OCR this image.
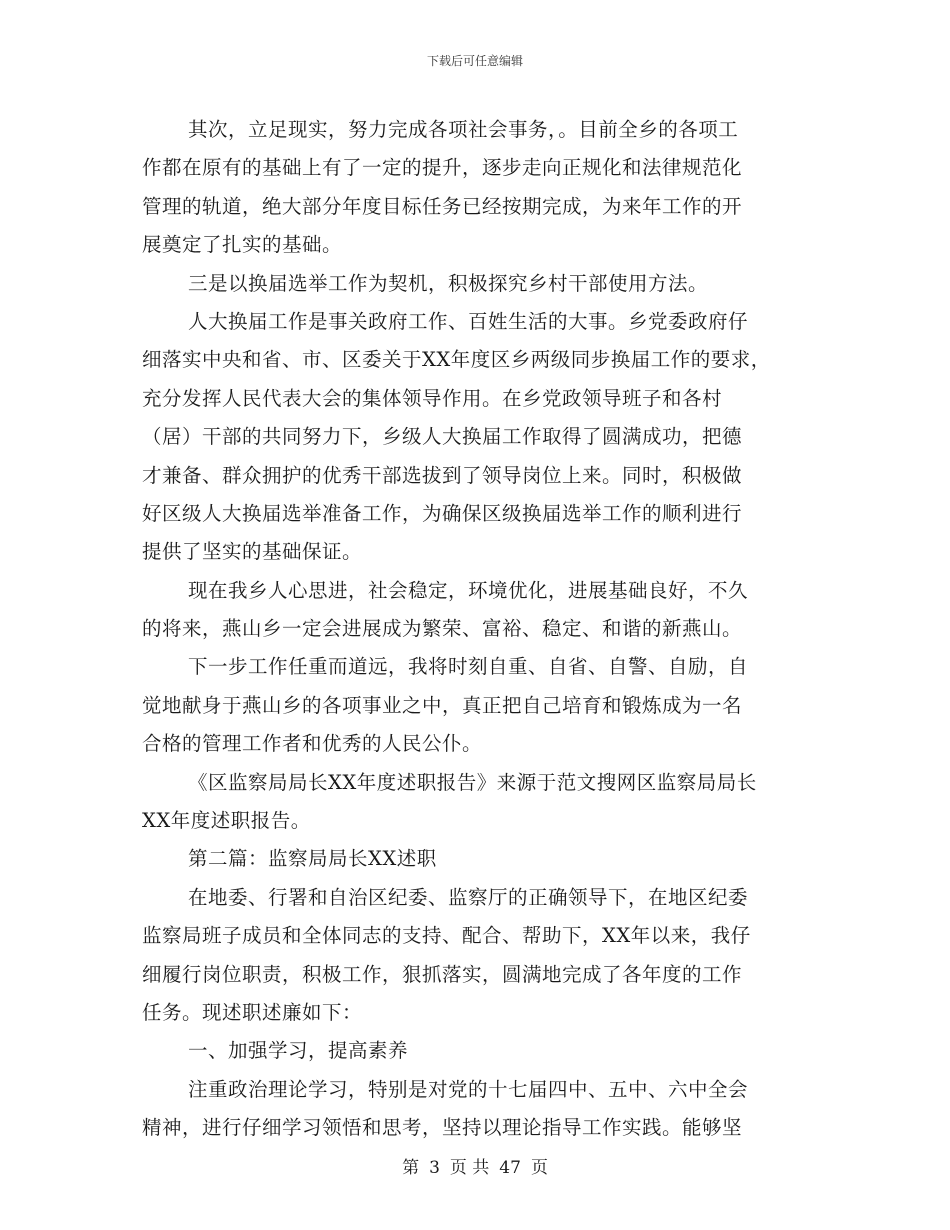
下载后可任意编辑
其次，立足现实，努力完成各项社会事务，。目前全乡的各项工
作都在原有的基础上有了一定的提升，逐步走向正规化和法律规范化
管理的轨道，绝大部分年度目标任务已经按期完成，为来年工作的开
展奠定了扎实的基础。
三是以换届选举工作为契机，积极探究乡村干部使用方法。
人大换届工作是事关政府工作、百姓生活的大事。乡党委政府仔
细落实中央和省、市、区委关于XX年度区乡两级同步换届工作的要求，
充分发挥人民代表大会的集体领导作用。在乡党政领导班子和各村
（居）干部的共同努力下，乡级人大换届工作取得了圆满成功，把德
才兼备、群众拥护的优秀干部选拔到了领导岗位上来。同时，积极做
好区级人大换届选举准备工作，为确保区级换届选举工作的顺利进行
提供了坚实的基础保证。
现在我乡人心思进，社会稳定，环境优化，进展基础良好，不久
的将来，燕山乡一定会进展成为繁荣、富裕、稳定、和谐的新燕山。
下一步工作任重而道远，我将时刻自重、自省、自警、自励，自
觉地献身于燕山乡的各项事业之中，真正把自己培育和锻炼成为一名
合格的管理工作者和优秀的人民公仆。
《区监察局局长XX年度述职报告》来源于范文搜网区监察局局长
XX年度述职报告。
第二篇：监察局局长XX述职
在地委、行署和自治区纪委、监察厅的正确领导下，在地区纪委
监察局班子成员和全体同志的支持、配合、帮助下，XX年以来，我仔
细履行岗位职责，积极工作，狠抓落实，圆满地完成了各年度的工作
任务。现述职述廉如下：
一、加强学习，提高素养
注重政治理论学习，特别是对党的十七届四中、五中、六中全会
精神，进行仔细学习领悟和思考，坚持以理论指导工作实践。能够坚
第 3 页 共 47 页
